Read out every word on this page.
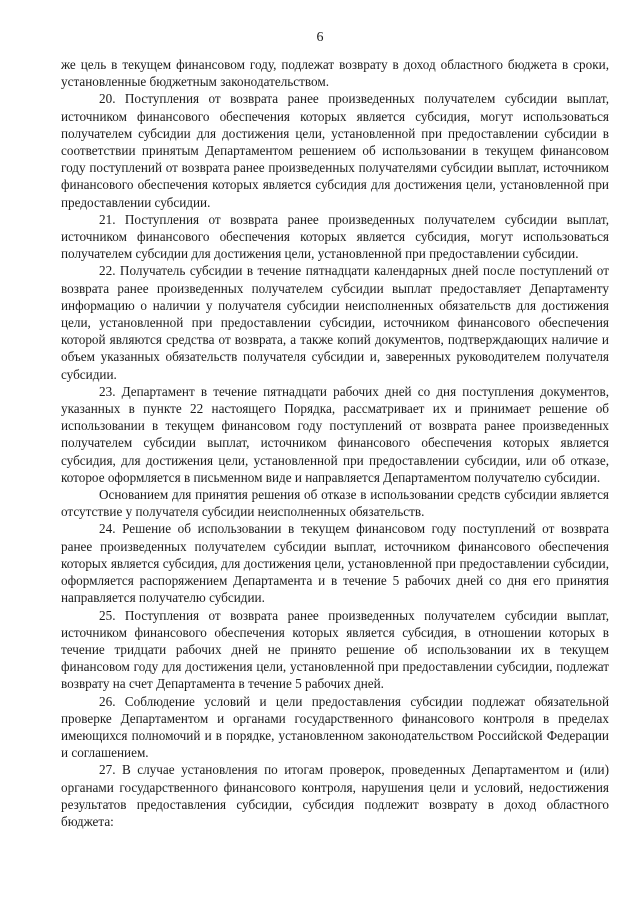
6

же цель в текущем финансовом году, подлежат возврату в доход областного бюджета в сроки, установленные бюджетным законодательством.

20. Поступления от возврата ранее произведенных получателем субсидии выплат, источником финансового обеспечения которых является субсидия, могут использоваться получателем субсидии для достижения цели, установленной при предоставлении субсидии в соответствии принятым Департаментом решением об использовании в текущем финансовом году поступлений от возврата ранее произведенных получателями субсидии выплат, источником финансового обеспечения которых является субсидия для достижения цели, установленной при предоставлении субсидии.

21. Поступления от возврата ранее произведенных получателем субсидии выплат, источником финансового обеспечения которых является субсидия, могут использоваться получателем субсидии для достижения цели, установленной при предоставлении субсидии.

22. Получатель субсидии в течение пятнадцати календарных дней после поступлений от возврата ранее произведенных получателем субсидии выплат предоставляет Департаменту информацию о наличии у получателя субсидии неисполненных обязательств для достижения цели, установленной при предоставлении субсидии, источником финансового обеспечения которой являются средства от возврата, а также копий документов, подтверждающих наличие и объем указанных обязательств получателя субсидии и, заверенных руководителем получателя субсидии.

23. Департамент в течение пятнадцати рабочих дней со дня поступления документов, указанных в пункте 22 настоящего Порядка, рассматривает их и принимает решение об использовании в текущем финансовом году поступлений от возврата ранее произведенных получателем субсидии выплат, источником финансового обеспечения которых является субсидия, для достижения цели, установленной при предоставлении субсидии, или об отказе, которое оформляется в письменном виде и направляется Департаментом получателю субсидии.

Основанием для принятия решения об отказе в использовании средств субсидии является отсутствие у получателя субсидии неисполненных обязательств.

24. Решение об использовании в текущем финансовом году поступлений от возврата ранее произведенных получателем субсидии выплат, источником финансового обеспечения которых является субсидия, для достижения цели, установленной при предоставлении субсидии, оформляется распоряжением Департамента и в течение 5 рабочих дней со дня его принятия направляется получателю субсидии.

25. Поступления от возврата ранее произведенных получателем субсидии выплат, источником финансового обеспечения которых является субсидия, в отношении которых в течение тридцати рабочих дней не принято решение об использовании их в текущем финансовом году для достижения цели, установленной при предоставлении субсидии, подлежат возврату на счет Департамента в течение 5 рабочих дней.

26. Соблюдение условий и цели предоставления субсидии подлежат обязательной проверке Департаментом и органами государственного финансового контроля в пределах имеющихся полномочий и в порядке, установленном законодательством Российской Федерации и соглашением.

27. В случае установления по итогам проверок, проведенных Департаментом и (или) органами государственного финансового контроля, нарушения цели и условий, недостижения результатов предоставления субсидии, субсидия подлежит возврату в доход областного бюджета:
